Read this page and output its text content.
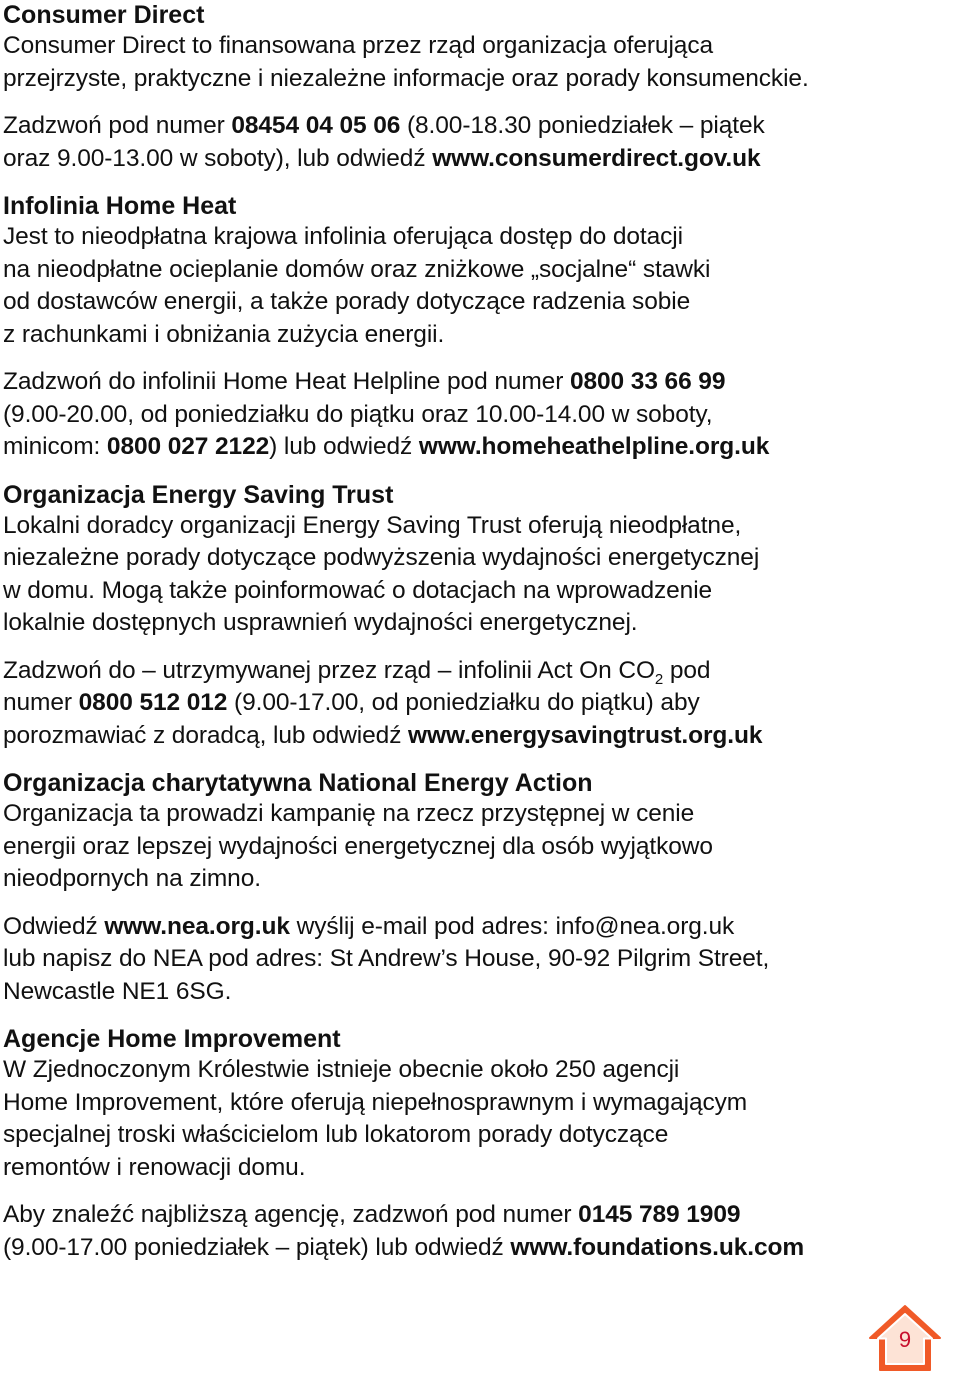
Consumer Direct

Consumer Direct to finansowana przez rząd organizacja oferująca
przejrzyste, praktyczne i niezależne informacje oraz porady konsumenckie.

Zadzwoń pod numer 08454 04 05 06 (8.00-18.30 poniedziałek – piątek
oraz 9.00-13.00 w soboty), lub odwiedź www.consumerdirect.gov.uk

Infolinia Home Heat

Jest to nieodpłatna krajowa infolinia oferująca dostęp do dotacji
na nieodpłatne ocieplanie domów oraz zniżkowe „socjalne“ stawki
od dostawców energii, a także porady dotyczące radzenia sobie
z rachunkami i obniżania zużycia energii.

Zadzwoń do infolinii Home Heat Helpline pod numer 0800 33 66 99
(9.00-20.00, od poniedziałku do piątku oraz 10.00-14.00 w soboty,
minicom: 0800 027 2122) lub odwiedź www.homeheathelpline.org.uk

Organizacja Energy Saving Trust

Lokalni doradcy organizacji Energy Saving Trust oferują nieodpłatne,
niezależne porady dotyczące podwyższenia wydajności energetycznej
w domu. Mogą także poinformować o dotacjach na wprowadzenie
lokalnie dostępnych usprawnień wydajności energetycznej.

Zadzwoń do – utrzymywanej przez rząd – infolinii Act On $CO_2$ pod
numer 0800 512 012 (9.00-17.00, od poniedziałku do piątku) aby
porozmawiać z doradcą, lub odwiedź www.energysavingtrust.org.uk

Organizacja charytatywna National Energy Action

Organizacja ta prowadzi kampanię na rzecz przystępnej w cenie
energii oraz lepszej wydajności energetycznej dla osób wyjątkowo
nieodpornych na zimno.

Odwiedź www.nea.org.uk wyślij e-mail pod adres: info@nea.org.uk
lub napisz do NEA pod adres: St Andrew’s House, 90-92 Pilgrim Street,
Newcastle NE1 6SG.

Agencje Home Improvement

W Zjednoczonym Królestwie istnieje obecnie około 250 agencji
Home Improvement, które oferują niepełnosprawnym i wymagającym
specjalnej troski właścicielom lub lokatorom porady dotyczące
remontów i renowacji domu.

Aby znaleźć najbliższą agencję, zadzwoń pod numer 0145 789 1909
(9.00-17.00 poniedziałek – piątek) lub odwiedź www.foundations.uk.com

9
